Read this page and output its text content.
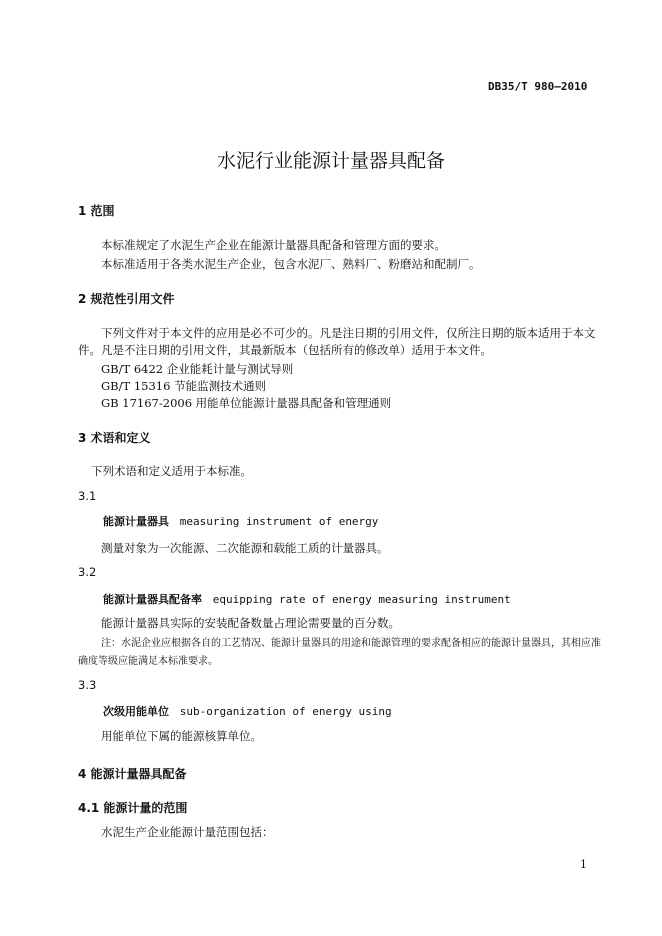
DB35/T 980—2010
水泥行业能源计量器具配备
1 范围
本标准规定了水泥生产企业在能源计量器具配备和管理方面的要求。
本标准适用于各类水泥生产企业，包含水泥厂、熟料厂、粉磨站和配制厂。
2 规范性引用文件
下列文件对于本文件的应用是必不可少的。凡是注日期的引用文件，仅所注日期的版本适用于本文
件。凡是不注日期的引用文件，其最新版本（包括所有的修改单）适用于本文件。
GB/T 6422 企业能耗计量与测试导则
GB/T 15316 节能监测技术通则
GB 17167-2006 用能单位能源计量器具配备和管理通则
3 术语和定义
下列术语和定义适用于本标准。
3.1
能源计量器具 measuring instrument of energy
测量对象为一次能源、二次能源和载能工质的计量器具。
3.2
能源计量器具配备率 equipping rate of energy measuring instrument
能源计量器具实际的安装配备数量占理论需要量的百分数。
注：水泥企业应根据各自的工艺情况、能源计量器具的用途和能源管理的要求配备相应的能源计量器具，其相应准
确度等级应能满足本标准要求。
3.3
次级用能单位 sub-organization of energy using
用能单位下属的能源核算单位。
4 能源计量器具配备
4.1 能源计量的范围
水泥生产企业能源计量范围包括：
1
